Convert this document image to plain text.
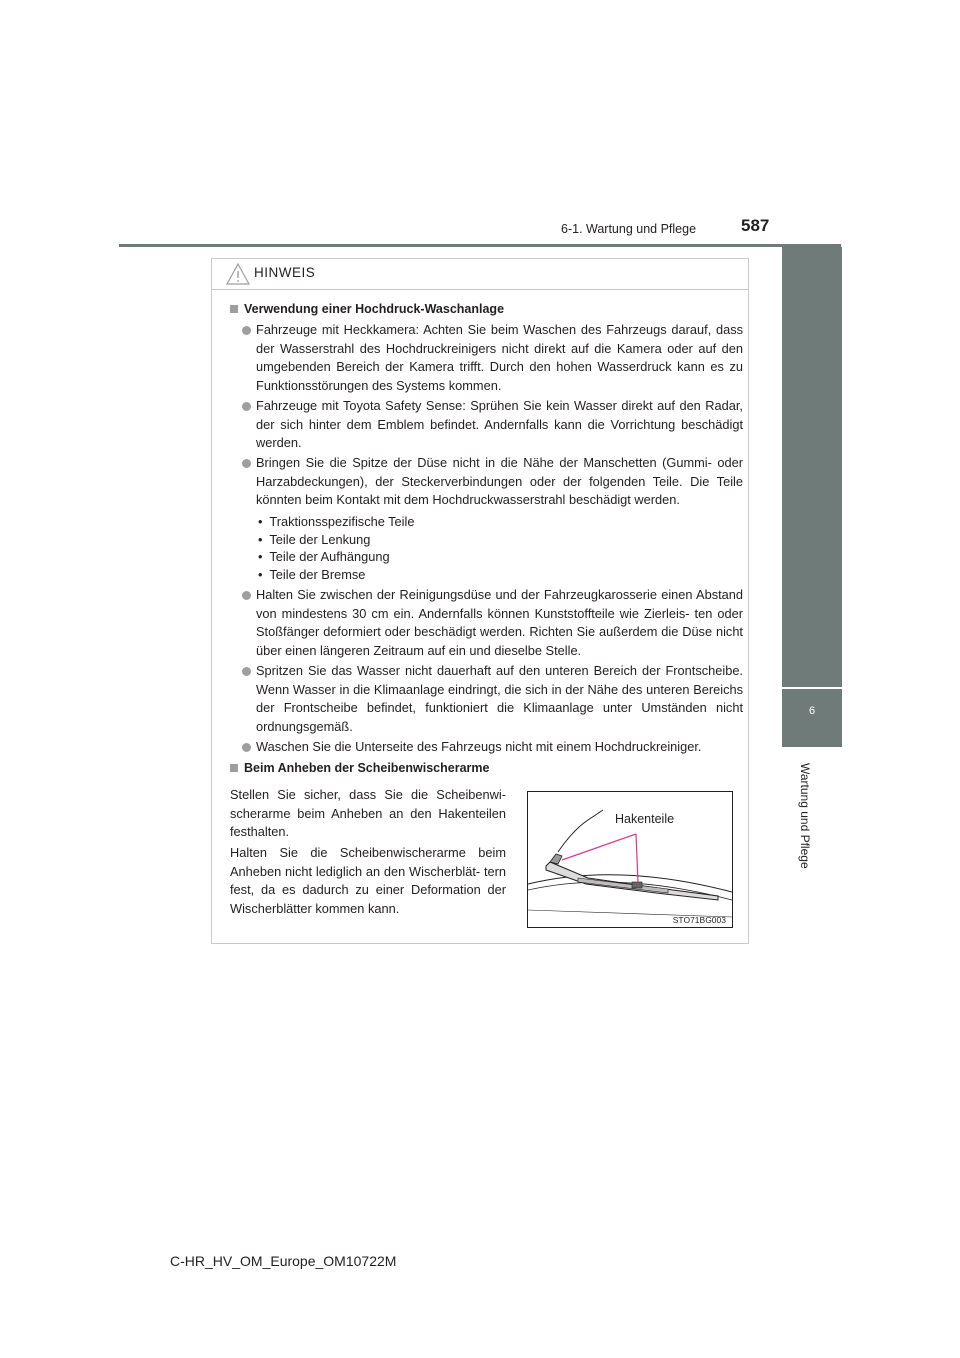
6-1. Wartung und Pflege	587
6
Wartung und Pflege
HINWEIS
Verwendung einer Hochdruck-Waschanlage
Fahrzeuge mit Heckkamera: Achten Sie beim Waschen des Fahrzeugs darauf, dass der Wasserstrahl des Hochdruckreinigers nicht direkt auf die Kamera oder auf den umgebenden Bereich der Kamera trifft. Durch den hohen Wasserdruck kann es zu Funktionsstörungen des Systems kommen.
Fahrzeuge mit Toyota Safety Sense: Sprühen Sie kein Wasser direkt auf den Radar, der sich hinter dem Emblem befindet. Andernfalls kann die Vorrichtung beschädigt werden.
Bringen Sie die Spitze der Düse nicht in die Nähe der Manschetten (Gummi- oder Harzabdeckungen), der Steckerverbindungen oder der folgenden Teile. Die Teile könnten beim Kontakt mit dem Hochdruckwasserstrahl beschädigt werden.
•  Traktionsspezifische Teile
•  Teile der Lenkung
•  Teile der Aufhängung
•  Teile der Bremse
Halten Sie zwischen der Reinigungsdüse und der Fahrzeugkarosserie einen Abstand von mindestens 30 cm ein. Andernfalls können Kunststoffteile wie Zierleis- ten oder Stoßfänger deformiert oder beschädigt werden. Richten Sie außerdem die Düse nicht über einen längeren Zeitraum auf ein und dieselbe Stelle.
Spritzen Sie das Wasser nicht dauerhaft auf den unteren Bereich der Frontscheibe. Wenn Wasser in die Klimaanlage eindringt, die sich in der Nähe des unteren Bereichs der Frontscheibe befindet, funktioniert die Klimaanlage unter Umständen nicht ordnungsgemäß.
Waschen Sie die Unterseite des Fahrzeugs nicht mit einem Hochdruckreiniger.
Beim Anheben der Scheibenwischerarme
Stellen Sie sicher, dass Sie die Scheibenwi- scherarme beim Anheben an den Hakenteilen festhalten.
Halten Sie die Scheibenwischerarme beim Anheben nicht lediglich an den Wischerblät- tern fest, da es dadurch zu einer Deformation der Wischerblätter kommen kann.
Hakenteile
STO71BG003
C-HR_HV_OM_Europe_OM10722M
